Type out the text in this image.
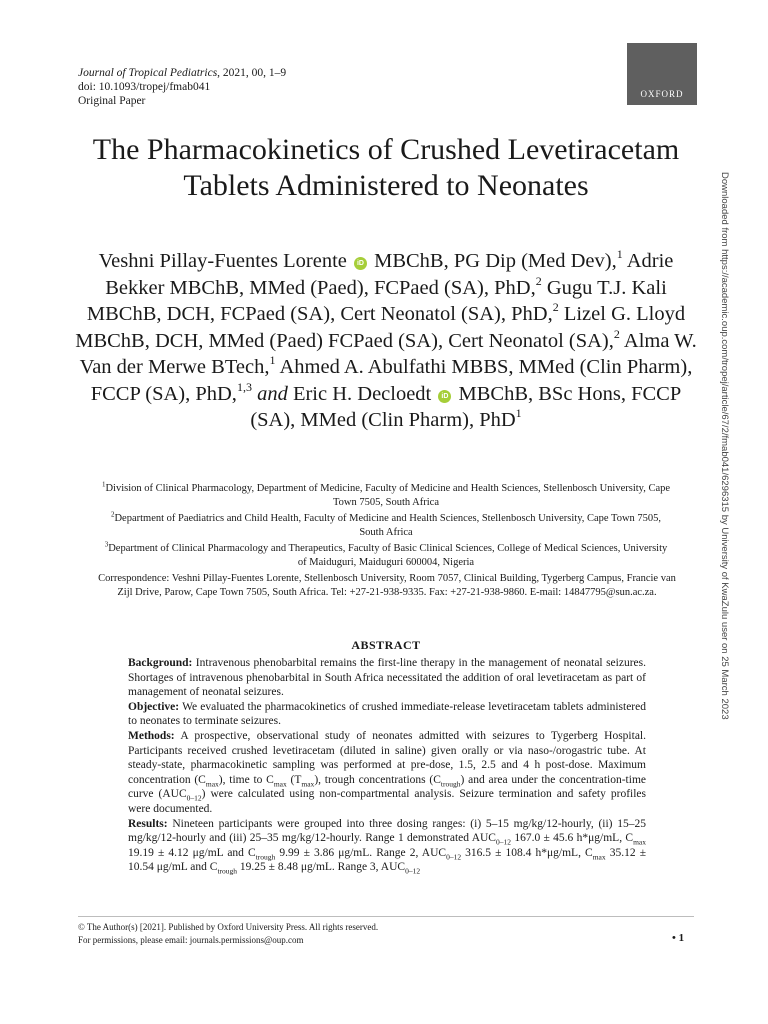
Journal of Tropical Pediatrics, 2021, 00, 1–9
doi: 10.1093/tropej/fmab041
Original Paper
OXFORD
The Pharmacokinetics of Crushed Levetiracetam Tablets Administered to Neonates
Veshni Pillay-Fuentes Lorente iD MBChB, PG Dip (Med Dev),$^1$ Adrie Bekker MBChB, MMed (Paed), FCPaed (SA), PhD,$^2$ Gugu T.J. Kali MBChB, DCH, FCPaed (SA), Cert Neonatol (SA), PhD,$^2$ Lizel G. Lloyd MBChB, DCH, MMed (Paed) FCPaed (SA), Cert Neonatol (SA),$^2$ Alma W. Van der Merwe BTech,$^1$ Ahmed A. Abulfathi MBBS, MMed (Clin Pharm), FCCP (SA), PhD,$^{1,3}$ and Eric H. Decloedt iD MBChB, BSc Hons, FCCP (SA), MMed (Clin Pharm), PhD$^1$

$^1$Division of Clinical Pharmacology, Department of Medicine, Faculty of Medicine and Health Sciences, Stellenbosch University, Cape Town 7505, South Africa

$^2$Department of Paediatrics and Child Health, Faculty of Medicine and Health Sciences, Stellenbosch University, Cape Town 7505, South Africa

$^3$Department of Clinical Pharmacology and Therapeutics, Faculty of Basic Clinical Sciences, College of Medical Sciences, University of Maiduguri, Maiduguri 600004, Nigeria

Correspondence: Veshni Pillay-Fuentes Lorente, Stellenbosch University, Room 7057, Clinical Building, Tygerberg Campus, Francie van Zijl Drive, Parow, Cape Town 7505, South Africa. Tel: +27-21-938-9335. Fax: +27-21-938-9860. E-mail: 14847795@sun.ac.za.
ABSTRACT

Background: Intravenous phenobarbital remains the first-line therapy in the management of neonatal seizures. Shortages of intravenous phenobarbital in South Africa necessitated the addition of oral levetiracetam as part of management of neonatal seizures.

Objective: We evaluated the pharmacokinetics of crushed immediate-release levetiracetam tablets administered to neonates to terminate seizures.

Methods: A prospective, observational study of neonates admitted with seizures to Tygerberg Hospital. Participants received crushed levetiracetam (diluted in saline) given orally or via naso-/orogastric tube. At steady-state, pharmacokinetic sampling was performed at pre-dose, 1.5, 2.5 and 4 h post-dose. Maximum concentration $(C_{max})$, time to $C_{max}$ $(T_{max})$, trough concentrations $(C_{trough})$ and area under the concentration-time curve $(AUC_{0-12})$ were calculated using non-compartmental analysis. Seizure termination and safety profiles were documented.

Results: Nineteen participants were grouped into three dosing ranges: (i) 5–15 mg/kg/12-hourly, (ii) 15–25 mg/kg/12-hourly and (iii) 25–35 mg/kg/12-hourly. Range 1 demonstrated $AUC_{0-12}$ 167.0 ± 45.6 h*μg/mL, $C_{max}$ 19.19 ± 4.12 μg/mL and $C_{trough}$ 9.99 ± 3.86 μg/mL. Range 2, $AUC_{0-12}$ 316.5 ± 108.4 h*μg/mL, $C_{max}$ 35.12 ± 10.54 μg/mL and $C_{trough}$ 19.25 ± 8.48 μg/mL. Range 3, $AUC_{0-12}$

© The Author(s) [2021]. Published by Oxford University Press. All rights reserved.
For permissions, please email: journals.permissions@oup.com	• 1
Downloaded from https://academic.oup.com/tropej/article/67/2/fmab041/6296315 by University of KwaZulu user on 25 March 2023
